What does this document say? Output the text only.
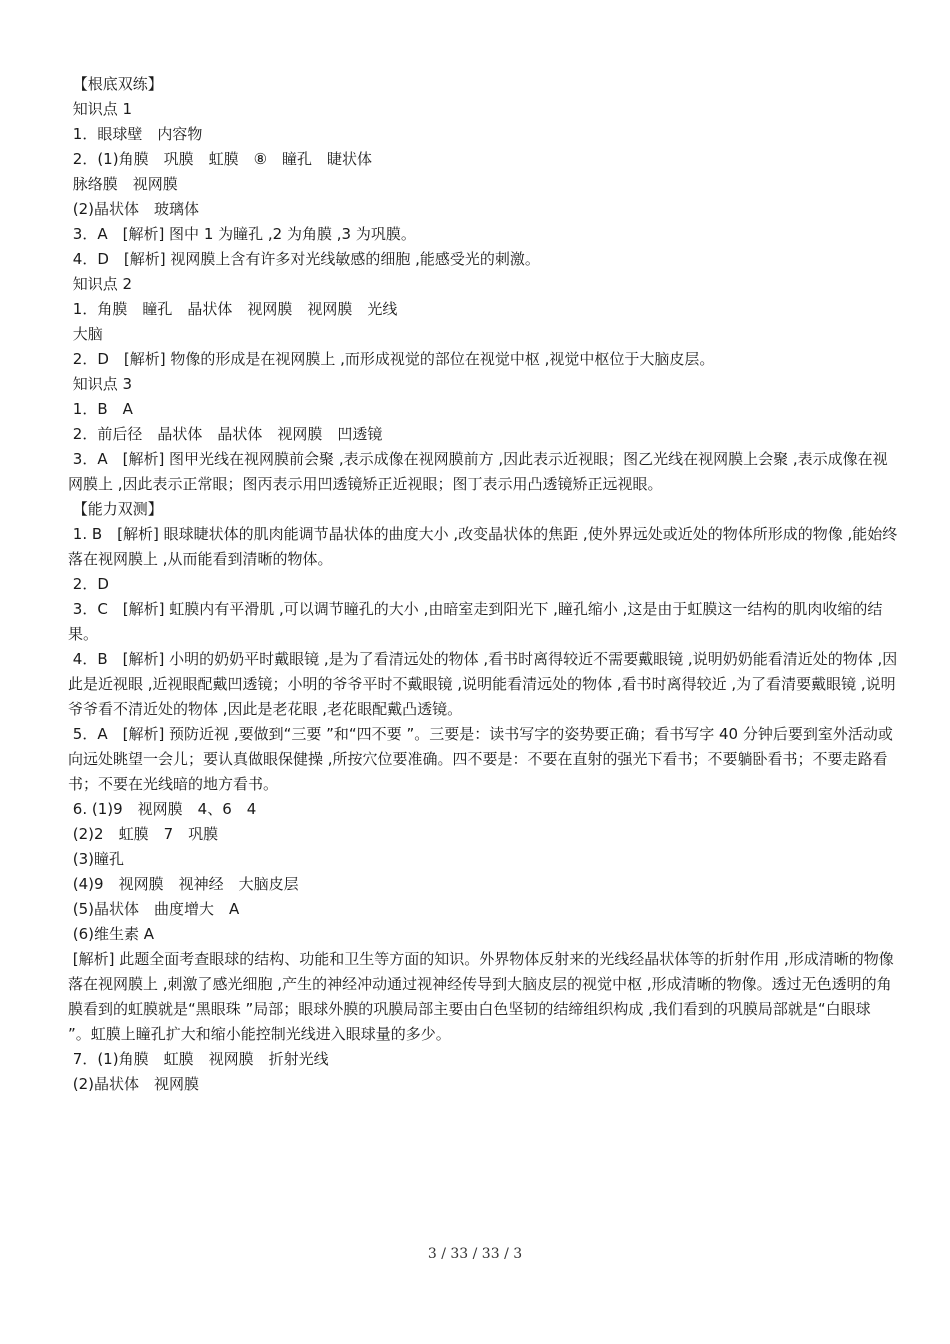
【根底双练】
知识点 1
1．眼球壁　内容物
2．(1)角膜　巩膜　虹膜　⑧　瞳孔　睫状体
脉络膜　视网膜
(2)晶状体　玻璃体
3．A　[解析] 图中 1 为瞳孔 ,2 为角膜 ,3 为巩膜。
4．D　[解析] 视网膜上含有许多对光线敏感的细胞 ,能感受光的刺激。
知识点 2
1．角膜　瞳孔　晶状体　视网膜　视网膜　光线
大脑
2．D　[解析] 物像的形成是在视网膜上 ,而形成视觉的部位在视觉中枢 ,视觉中枢位于大脑皮层。
知识点 3
1．B　A
2．前后径　晶状体　晶状体　视网膜　凹透镜
3．A　[解析] 图甲光线在视网膜前会聚 ,表示成像在视网膜前方 ,因此表示近视眼；图乙光线在视网膜上会聚 ,表示成像在视网膜上 ,因此表示正常眼；图丙表示用凹透镜矫正近视眼；图丁表示用凸透镜矫正远视眼。
【能力双测】
1. B　[解析] 眼球睫状体的肌肉能调节晶状体的曲度大小 ,改变晶状体的焦距 ,使外界远处或近处的物体所形成的物像 ,能始终落在视网膜上 ,从而能看到清晰的物体。
2．D
3．C　[解析] 虹膜内有平滑肌 ,可以调节瞳孔的大小 ,由暗室走到阳光下 ,瞳孔缩小 ,这是由于虹膜这一结构的肌肉收缩的结果。
4．B　[解析] 小明的奶奶平时戴眼镜 ,是为了看清远处的物体 ,看书时离得较近不需要戴眼镜 ,说明奶奶能看清近处的物体 ,因此是近视眼 ,近视眼配戴凹透镜；小明的爷爷平时不戴眼镜 ,说明能看清远处的物体 ,看书时离得较近 ,为了看清要戴眼镜 ,说明爷爷看不清近处的物体 ,因此是老花眼 ,老花眼配戴凸透镜。
5．A　[解析] 预防近视 ,要做到“三要 ”和“四不要 ”。三要是：读书写字的姿势要正确；看书写字 40 分钟后要到室外活动或向远处眺望一会儿；要认真做眼保健操 ,所按穴位要准确。四不要是：不要在直射的强光下看书；不要躺卧看书；不要走路看书；不要在光线暗的地方看书。
6. (1)9　视网膜　4、6　4
(2)2　虹膜　7　巩膜
(3)瞳孔
(4)9　视网膜　视神经　大脑皮层
(5)晶状体　曲度增大　A
(6)维生素 A
[解析] 此题全面考查眼球的结构、功能和卫生等方面的知识。外界物体反射来的光线经晶状体等的折射作用 ,形成清晰的物像落在视网膜上 ,刺激了感光细胞 ,产生的神经冲动通过视神经传导到大脑皮层的视觉中枢 ,形成清晰的物像。透过无色透明的角膜看到的虹膜就是“黑眼珠 ”局部；眼球外膜的巩膜局部主要由白色坚韧的结缔组织构成 ,我们看到的巩膜局部就是“白眼球 ”。虹膜上瞳孔扩大和缩小能控制光线进入眼球量的多少。
7．(1)角膜　虹膜　视网膜　折射光线
(2)晶状体　视网膜
3 / 33 / 33 / 3
